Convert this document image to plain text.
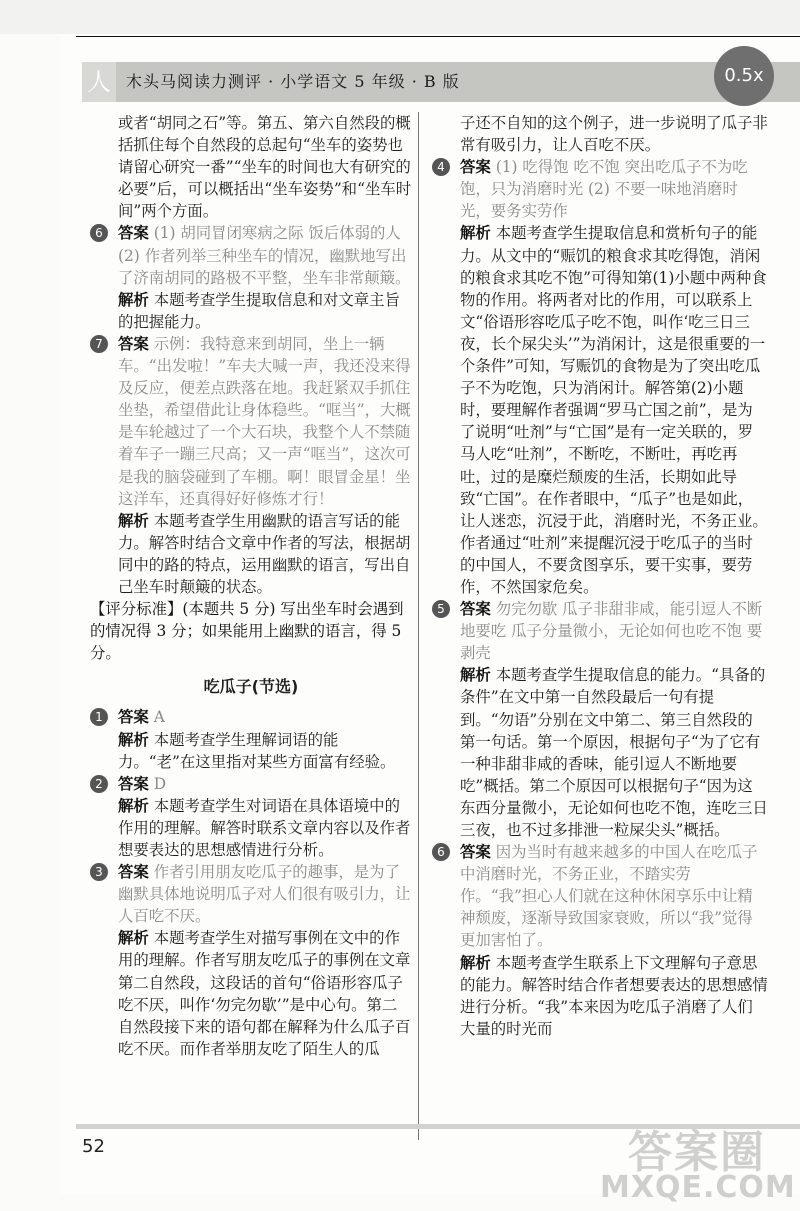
人 木头马阅读力测评 · 小学语文 5 年级 · B 版	0.5x
或者“胡同之石”等。第五、第六自然段的概括抓住每个自然段的总起句“坐车的姿势也请留心研究一番”“坐车的时间也大有研究的必要”后，可以概括出“坐车姿势”和“坐车时间”两个方面。
6 答案 (1) 胡同冒闭寒病之际 饭后体弱的人 (2) 作者列举三种坐车的情况，幽默地写出了济南胡同的路极不平整，坐车非常颠簸。
解析 本题考查学生提取信息和对文章主旨的把握能力。
7 答案 示例：我特意来到胡同，坐上一辆车。“出发啦！”车夫大喊一声，我还没来得及反应，便差点跌落在地。我赶紧双手抓住坐垫，希望借此让身体稳些。“哐当”，大概是车轮越过了一个大石块，我整个人不禁随着车子一蹦三尺高；又一声“哐当”，这次可是我的脑袋碰到了车棚。啊！眼冒金星！坐这洋车，还真得好好修炼才行！
解析 本题考查学生用幽默的语言写话的能力。解答时结合文章中作者的写法，根据胡同中的路的特点，运用幽默的语言，写出自己坐车时颠簸的状态。
【评分标准】(本题共 5 分) 写出坐车时会遇到的情况得 3 分；如果能用上幽默的语言，得 5 分。
吃瓜子(节选)
1 答案 A
解析 本题考查学生理解词语的能力。“老”在这里指对某些方面富有经验。
2 答案 D
解析 本题考查学生对词语在具体语境中的作用的理解。解答时联系文章内容以及作者想要表达的思想感情进行分析。
3 答案 作者引用朋友吃瓜子的趣事，是为了幽默具体地说明瓜子对人们很有吸引力，让人百吃不厌。
解析 本题考查学生对描写事例在文中的作用的理解。作者写朋友吃瓜子的事例在文章第二自然段，这段话的首句“俗语形容瓜子吃不厌，叫作‘勿完勿歇’”是中心句。第二自然段接下来的语句都在解释为什么瓜子百吃不厌。而作者举朋友吃了陌生人的瓜
子还不自知的这个例子，进一步说明了瓜子非常有吸引力，让人百吃不厌。
4 答案 (1) 吃得饱 吃不饱 突出吃瓜子不为吃饱，只为消磨时光 (2) 不要一味地消磨时光，要务实劳作
解析 本题考查学生提取信息和赏析句子的能力。从文中的“赈饥的粮食求其吃得饱，消闲的粮食求其吃不饱”可得知第(1)小题中两种食物的作用。将两者对比的作用，可以联系上文“俗语形容吃瓜子吃不饱，叫作‘吃三日三夜，长个屎尖头’”为消闲计，这是很重要的一个条件”可知，写赈饥的食物是为了突出吃瓜子不为吃饱，只为消闲计。解答第(2)小题时，要理解作者强调“罗马亡国之前”，是为了说明“吐剂”与“亡国”是有一定关联的，罗马人吃“吐剂”，不断吃，不断吐，再吃再吐，过的是糜烂颓废的生活，长期如此导致“亡国”。在作者眼中，“瓜子”也是如此，让人迷恋，沉浸于此，消磨时光，不务正业。作者通过“吐剂”来提醒沉浸于吃瓜子的当时的中国人，不要贪图享乐，要干实事，要劳作，不然国家危矣。
5 答案 勿完勿歇 瓜子非甜非咸，能引逗人不断地要吃 瓜子分量微小，无论如何也吃不饱 要剥壳
解析 本题考查学生提取信息的能力。“具备的条件”在文中第一自然段最后一句有提到。“勿语”分别在文中第二、第三自然段的第一句话。第一个原因，根据句子“为了它有一种非甜非咸的香味，能引逗人不断地要吃”概括。第二个原因可以根据句子“因为这东西分量微小，无论如何也吃不饱，连吃三日三夜，也不过多排泄一粒屎尖头”概括。
6 答案 因为当时有越来越多的中国人在吃瓜子中消磨时光，不务正业，不踏实劳作。“我”担心人们就在这种休闲享乐中让精神颓废，逐渐导致国家衰败，所以“我”觉得更加害怕了。
解析 本题考查学生联系上下文理解句子意思的能力。解答时结合作者想要表达的思想感情进行分析。“我”本来因为吃瓜子消磨了人们大量的时光而
52	答案圈
MXQE.COM
